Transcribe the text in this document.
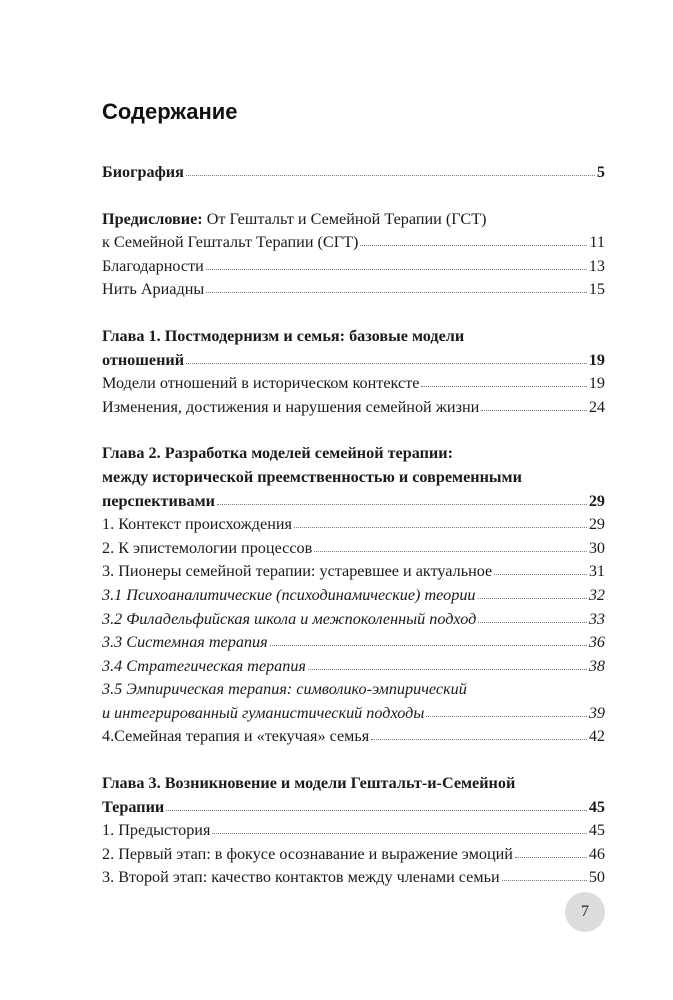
Содержание
Биография	5
Предисловие: От Гештальт и Семейной Терапии (ГСТ)
к Семейной Гештальт Терапии (СГТ)	11
Благодарности	13
Нить Ариадны	15
Глава 1. Постмодернизм и семья: базовые модели
отношений	19
Модели отношений в историческом контексте	19
Изменения, достижения и нарушения семейной жизни	24
Глава 2. Разработка моделей семейной терапии:
между исторической преемственностью и современными
перспективами	29
1. Контекст происхождения	29
2. К эпистемологии процессов	30
3. Пионеры семейной терапии: устаревшее и актуальное	31
3.1 Психоаналитические (психодинамические) теории	32
3.2 Филадельфийская школа и межпоколенный подход	33
3.3 Системная терапия	36
3.4 Стратегическая терапия	38
3.5 Эмпирическая терапия: символико-эмпирический
и интегрированный гуманистический подходы	39
4.Семейная терапия и «текучая» семья	42
Глава 3. Возникновение и модели Гештальт-и-Семейной
Терапии	45
1. Предыстория	45
2. Первый этап: в фокусе осознавание и выражение эмоций	46
3. Второй этап: качество контактов между членами семьи	50
7
